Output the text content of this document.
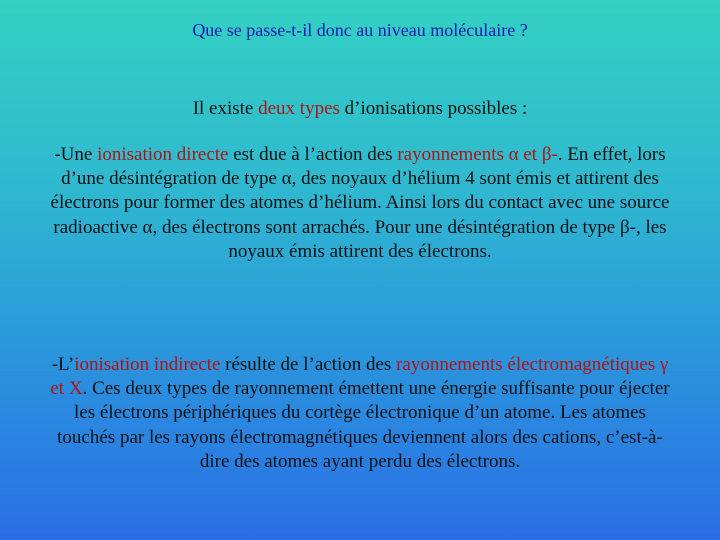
Que se passe-t-il donc au niveau moléculaire ?
Il existe deux types d’ionisations possibles :
-Une ionisation directe est due à l’action des rayonnements α et β-. En effet, lors d’une désintégration de type α, des noyaux d’hélium 4 sont émis et attirent des électrons pour former des atomes d’hélium. Ainsi lors du contact avec une source radioactive α, des électrons sont arrachés. Pour une désintégration de type β-, les noyaux émis attirent des électrons.
-L’ionisation indirecte résulte de l’action des rayonnements électromagnétiques γ et X. Ces deux types de rayonnement émettent une énergie suffisante pour éjecter les électrons périphériques du cortège électronique d’un atome. Les atomes touchés par les rayons électromagnétiques deviennent alors des cations, c’est-à-dire des atomes ayant perdu des électrons.
